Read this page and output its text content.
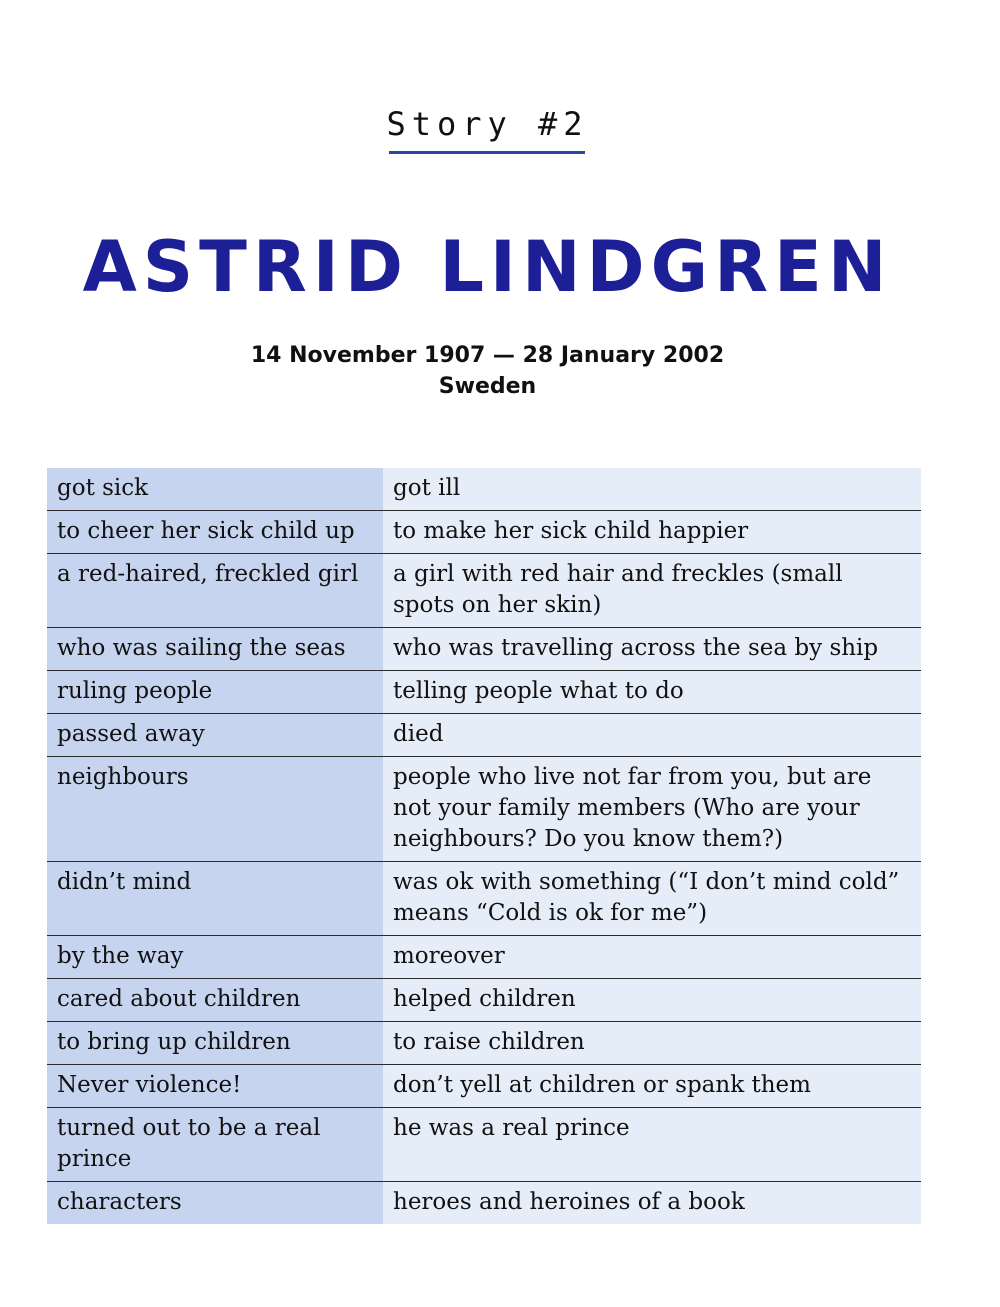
Story #2
ASTRID LINDGREN
14 November 1907 — 28 January 2002
Sweden
got sick	got ill
to cheer her sick child up	to make her sick child happier
a red-haired, freckled girl	a girl with red hair and freckles (small spots on her skin)
who was sailing the seas	who was travelling across the sea by ship
ruling people	telling people what to do
passed away	died
neighbours	people who live not far from you, but are not your family members (Who are your neighbours? Do you know them?)
didn’t mind	was ok with something (“I don’t mind cold” means “Cold is ok for me”)
by the way	moreover
cared about children	helped children
to bring up children	to raise children
Never violence!	don’t yell at children or spank them
turned out to be a real prince	he was a real prince
characters	heroes and heroines of a book
